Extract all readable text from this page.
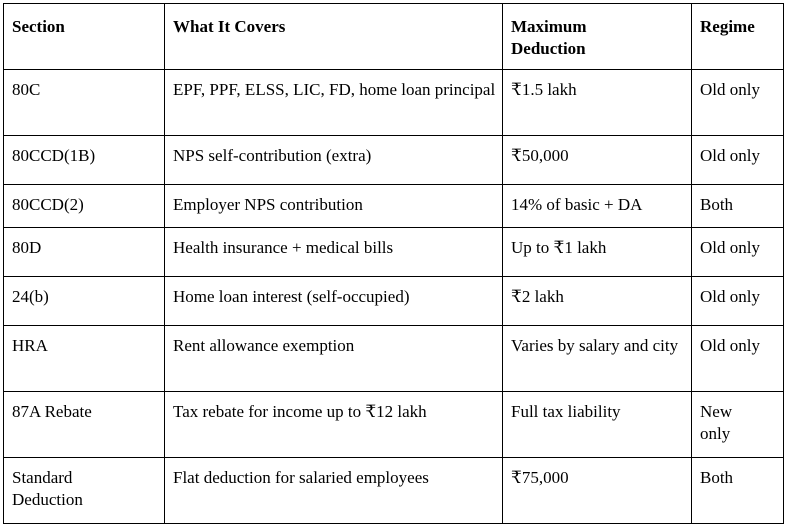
Section	What It Covers	Maximum Deduction	Regime
80C	EPF, PPF, ELSS, LIC, FD, home loan principal	₹1.5 lakh	Old only
80CCD(1B)	NPS self-contribution (extra)	₹50,000	Old only
80CCD(2)	Employer NPS contribution	14% of basic + DA	Both
80D	Health insurance + medical bills	Up to ₹1 lakh	Old only
24(b)	Home loan interest (self-occupied)	₹2 lakh	Old only
HRA	Rent allowance exemption	Varies by salary and city	Old only
87A Rebate	Tax rebate for income up to ₹12 lakh	Full tax liability	New only
Standard Deduction	Flat deduction for salaried employees	₹75,000	Both
